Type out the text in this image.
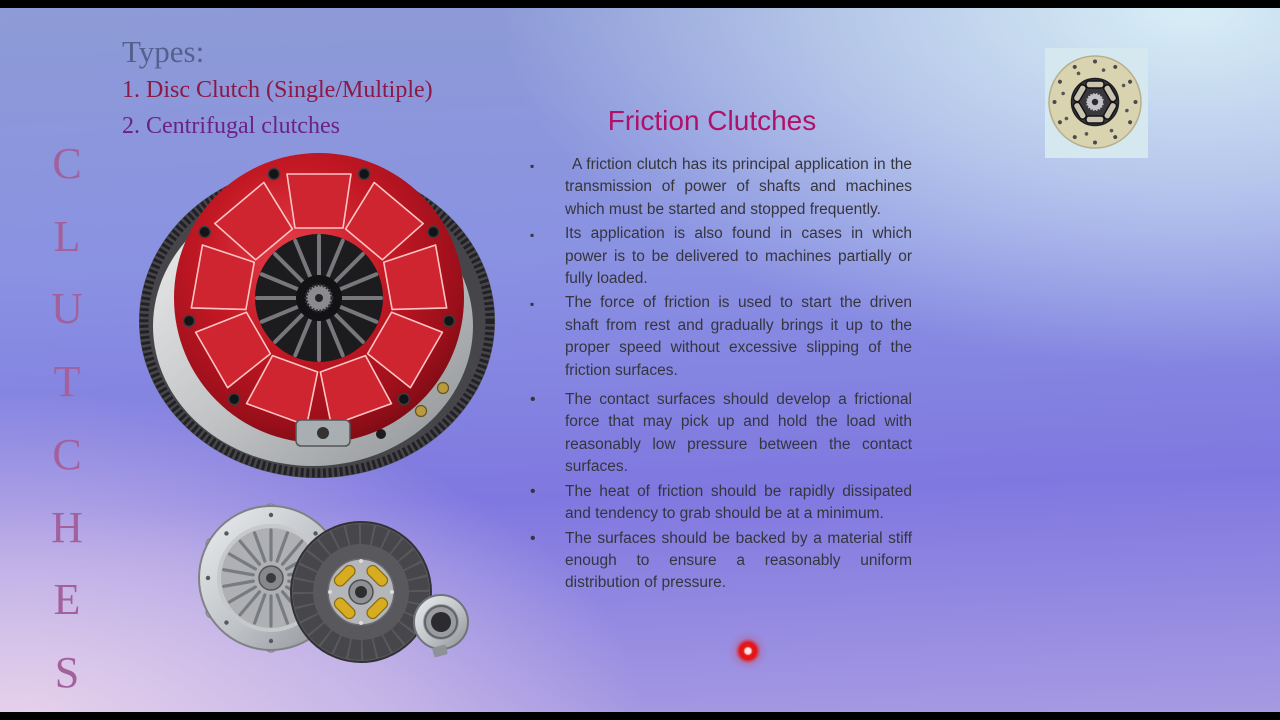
C
L
U
T
C
H
E
S
Types:
1. Disc Clutch (Single/Multiple)
2. Centrifugal clutches	Friction Clutches
▪ A friction clutch has its principal application in the transmission of power of shafts and machines which must be started and stopped frequently.
▪ Its application is also found in cases in which power is to be delivered to machines partially or fully loaded.
▪ The force of friction is used to start the driven shaft from rest and gradually brings it up to the proper speed without excessive slipping of the friction surfaces.
• The contact surfaces should develop a frictional force that may pick up and hold the load with reasonably low pressure between the contact surfaces.
• The heat of friction should be rapidly dissipated and tendency to grab should be at a minimum.
• The surfaces should be backed by a material stiff enough to ensure a reasonably uniform distribution of pressure.
